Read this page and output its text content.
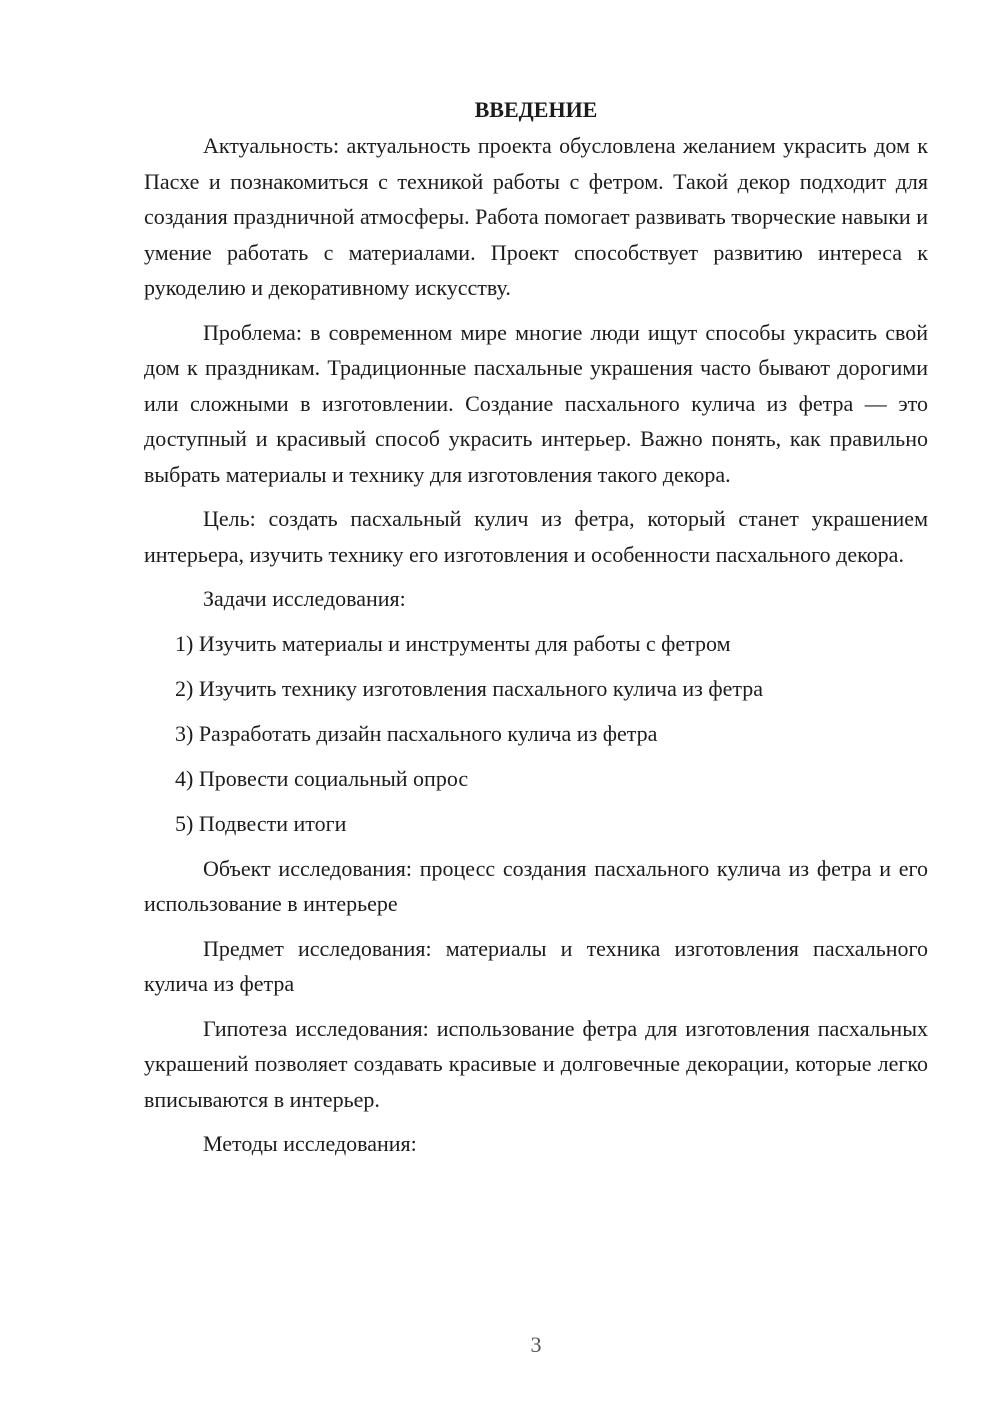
ВВЕДЕНИЕ

Актуальность: актуальность проекта обусловлена желанием украсить дом к Пасхе и познакомиться с техникой работы с фетром. Такой декор подходит для создания праздничной атмосферы. Работа помогает развивать творческие навыки и умение работать с материалами. Проект способствует развитию интереса к рукоделию и декоративному искусству.

Проблема: в современном мире многие люди ищут способы украсить свой дом к праздникам. Традиционные пасхальные украшения часто бывают дорогими или сложными в изготовлении. Создание пасхального кулича из фетра — это доступный и красивый способ украсить интерьер. Важно понять, как правильно выбрать материалы и технику для изготовления такого декора.

Цель: создать пасхальный кулич из фетра, который станет украшением интерьера, изучить технику его изготовления и особенности пасхального декора.

Задачи исследования:

1) Изучить материалы и инструменты для работы с фетром
2) Изучить технику изготовления пасхального кулича из фетра
3) Разработать дизайн пасхального кулича из фетра
4) Провести социальный опрос
5) Подвести итоги

Объект исследования: процесс создания пасхального кулича из фетра и его использование в интерьере

Предмет исследования: материалы и техника изготовления пасхального кулича из фетра

Гипотеза исследования: использование фетра для изготовления пасхальных украшений позволяет создавать красивые и долговечные декорации, которые легко вписываются в интерьер.

Методы исследования:

3
